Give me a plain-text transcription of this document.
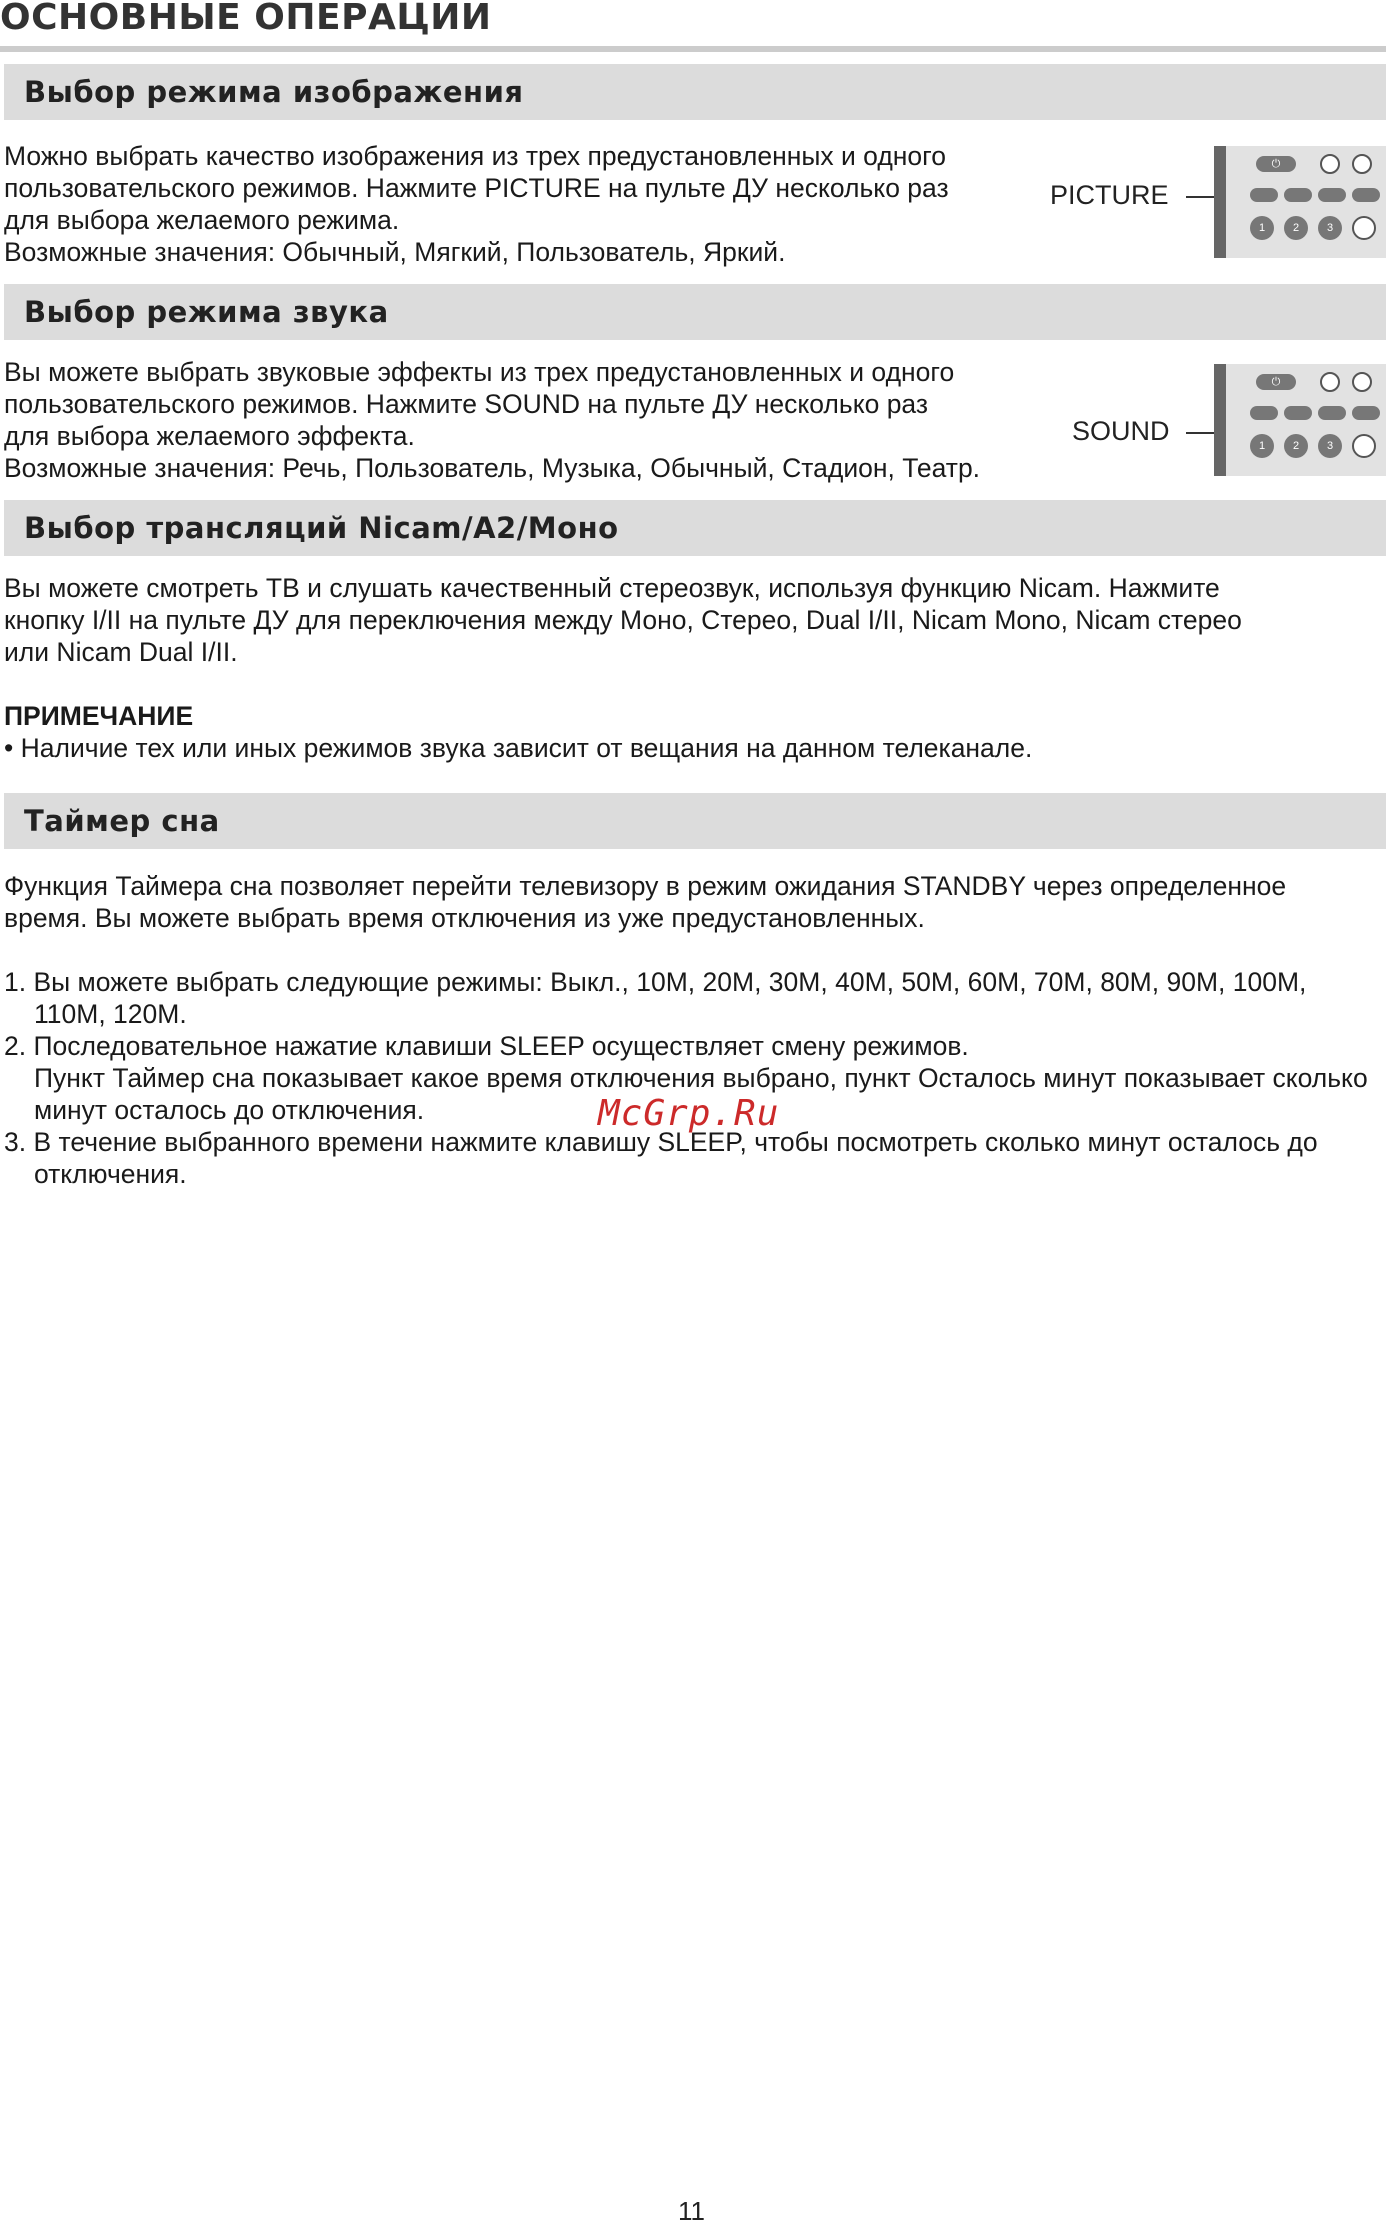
ОСНОВНЫЕ ОПЕРАЦИИ
Выбор режима изображения

Можно выбрать качество изображения из трех предустановленных и одного

пользовательского режимов. Нажмите PICTURE на пульте ДУ несколько раз

для выбора желаемого режима.

Возможные значения: Обычный, Мягкий, Пользователь, Яркий.

PICTURE
⏻
1	2	3
Выбор режима звука

Вы можете выбрать звуковые эффекты из трех предустановленных и одного

пользовательского режимов. Нажмите SOUND на пульте ДУ несколько раз

для выбора желаемого эффекта.

Возможные значения: Речь, Пользователь, Музыка, Обычный, Стадион, Театр.

SOUND
⏻
1	2	3
Выбор трансляций Nicam/A2/Моно

Вы можете смотреть ТВ и слушать качественный стереозвук, используя функцию Nicam. Нажмите

кнопку I/II на пульте ДУ для переключения между Моно, Стерео, Dual I/II, Nicam Mono, Nicam стерео

или Nicam Dual I/II.

ПРИМЕЧАНИЕ

• Наличие тех или иных режимов звука зависит от вещания на данном телеканале.

Таймер сна

Функция Таймера сна позволяет перейти телевизору в режим ожидания STANDBY через определенное

время. Вы можете выбрать время отключения из уже предустановленных.

1. Вы можете выбрать следующие режимы: Выкл., 10M, 20M, 30M, 40M, 50M, 60M, 70M, 80M, 90M, 100M, 110M, 120M.
2. Последовательное нажатие клавиши SLEEP осуществляет смену режимов.
Пункт Таймер сна показывает какое время отключения выбрано, пункт Осталось минут показывает сколько минут осталось до отключения.
3. В течение выбранного времени нажмите клавишу SLEEP, чтобы посмотреть сколько минут осталось до отключения.
McGrp.Ru
11
